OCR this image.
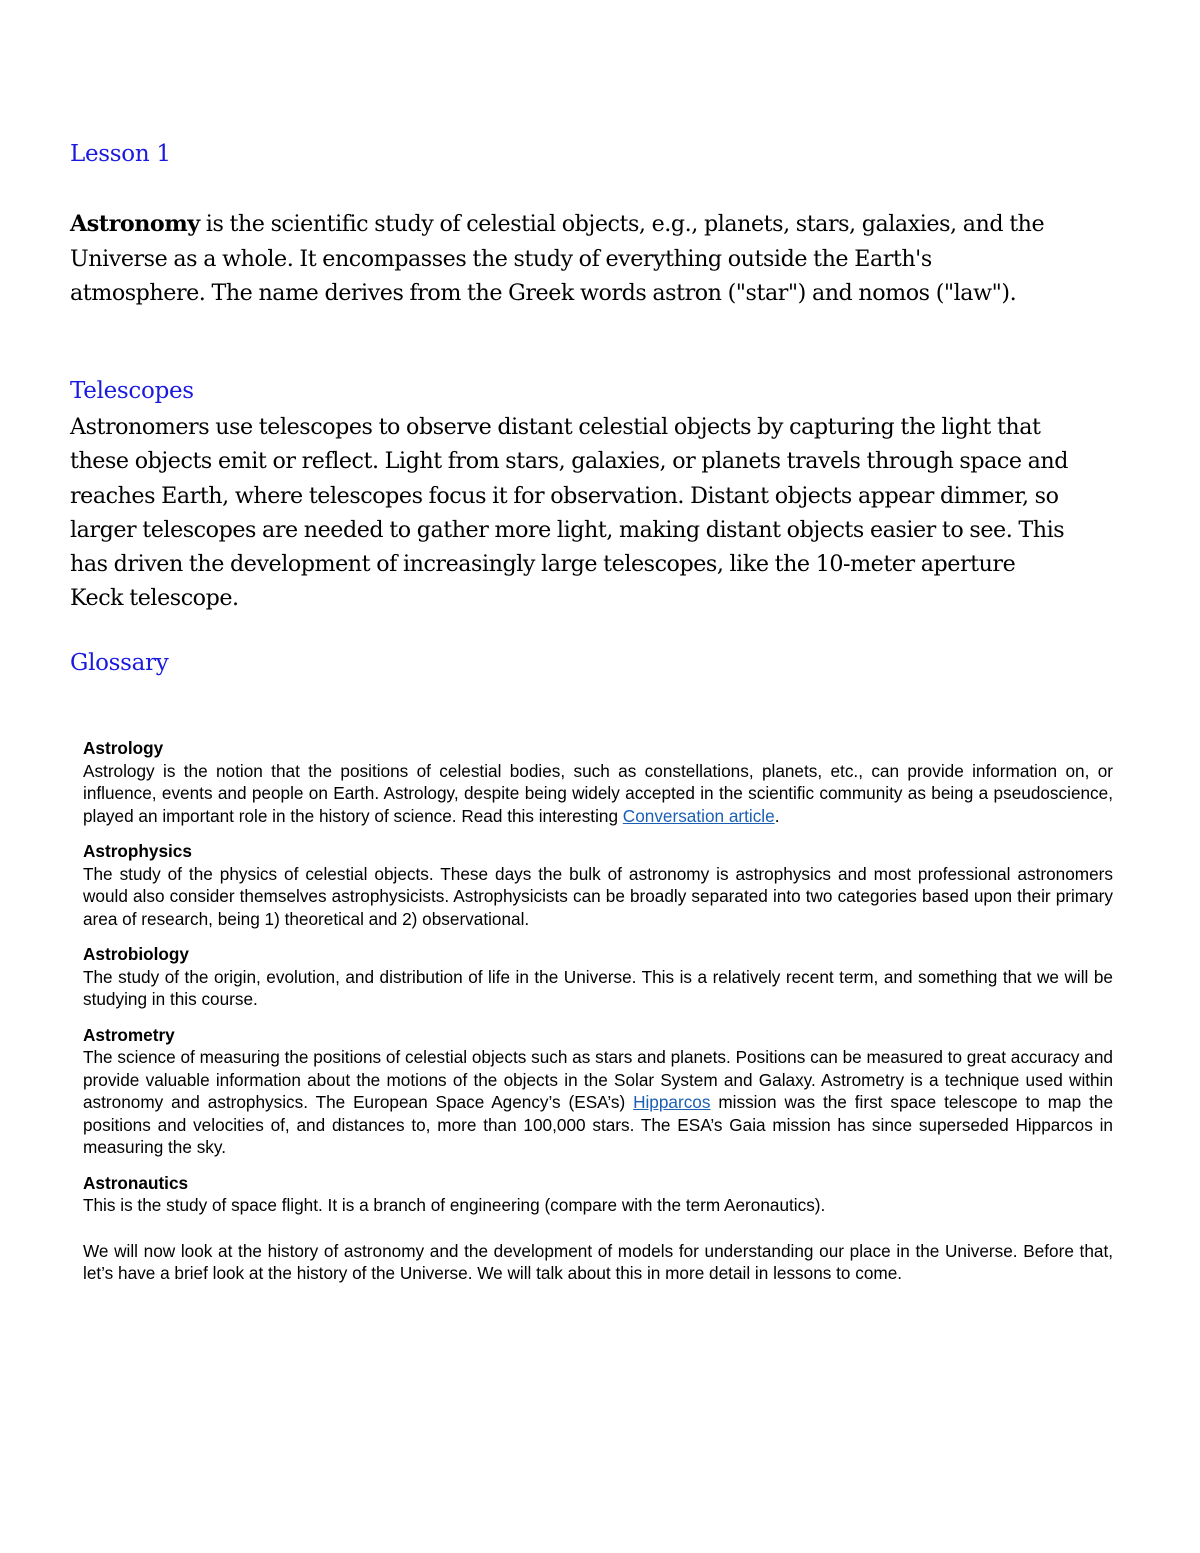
Lesson 1

Astronomy is the scientific study of celestial objects, e.g., planets, stars, galaxies, and the Universe as a whole. It encompasses the study of everything outside the Earth's atmosphere. The name derives from the Greek words astron ("star") and nomos ("law").

Telescopes

Astronomers use telescopes to observe distant celestial objects by capturing the light that these objects emit or reflect. Light from stars, galaxies, or planets travels through space and reaches Earth, where telescopes focus it for observation. Distant objects appear dimmer, so larger telescopes are needed to gather more light, making distant objects easier to see. This has driven the development of increasingly large telescopes, like the 10-meter aperture Keck telescope.

Glossary
Astrology
Astrology is the notion that the positions of celestial bodies, such as constellations, planets, etc., can provide information on, or influence, events and people on Earth. Astrology, despite being widely accepted in the scientific community as being a pseudoscience, played an important role in the history of science. Read this interesting Conversation article.
Astrophysics
The study of the physics of celestial objects. These days the bulk of astronomy is astrophysics and most professional astronomers would also consider themselves astrophysicists. Astrophysicists can be broadly separated into two categories based upon their primary area of research, being 1) theoretical and 2) observational.
Astrobiology
The study of the origin, evolution, and distribution of life in the Universe. This is a relatively recent term, and something that we will be studying in this course.
Astrometry
The science of measuring the positions of celestial objects such as stars and planets. Positions can be measured to great accuracy and provide valuable information about the motions of the objects in the Solar System and Galaxy. Astrometry is a technique used within astronomy and astrophysics. The European Space Agency’s (ESA’s) Hipparcos mission was the first space telescope to map the positions and velocities of, and distances to, more than 100,000 stars. The ESA’s Gaia mission has since superseded Hipparcos in measuring the sky.
Astronautics
This is the study of space flight. It is a branch of engineering (compare with the term Aeronautics).
We will now look at the history of astronomy and the development of models for understanding our place in the Universe. Before that, let’s have a brief look at the history of the Universe. We will talk about this in more detail in lessons to come.
